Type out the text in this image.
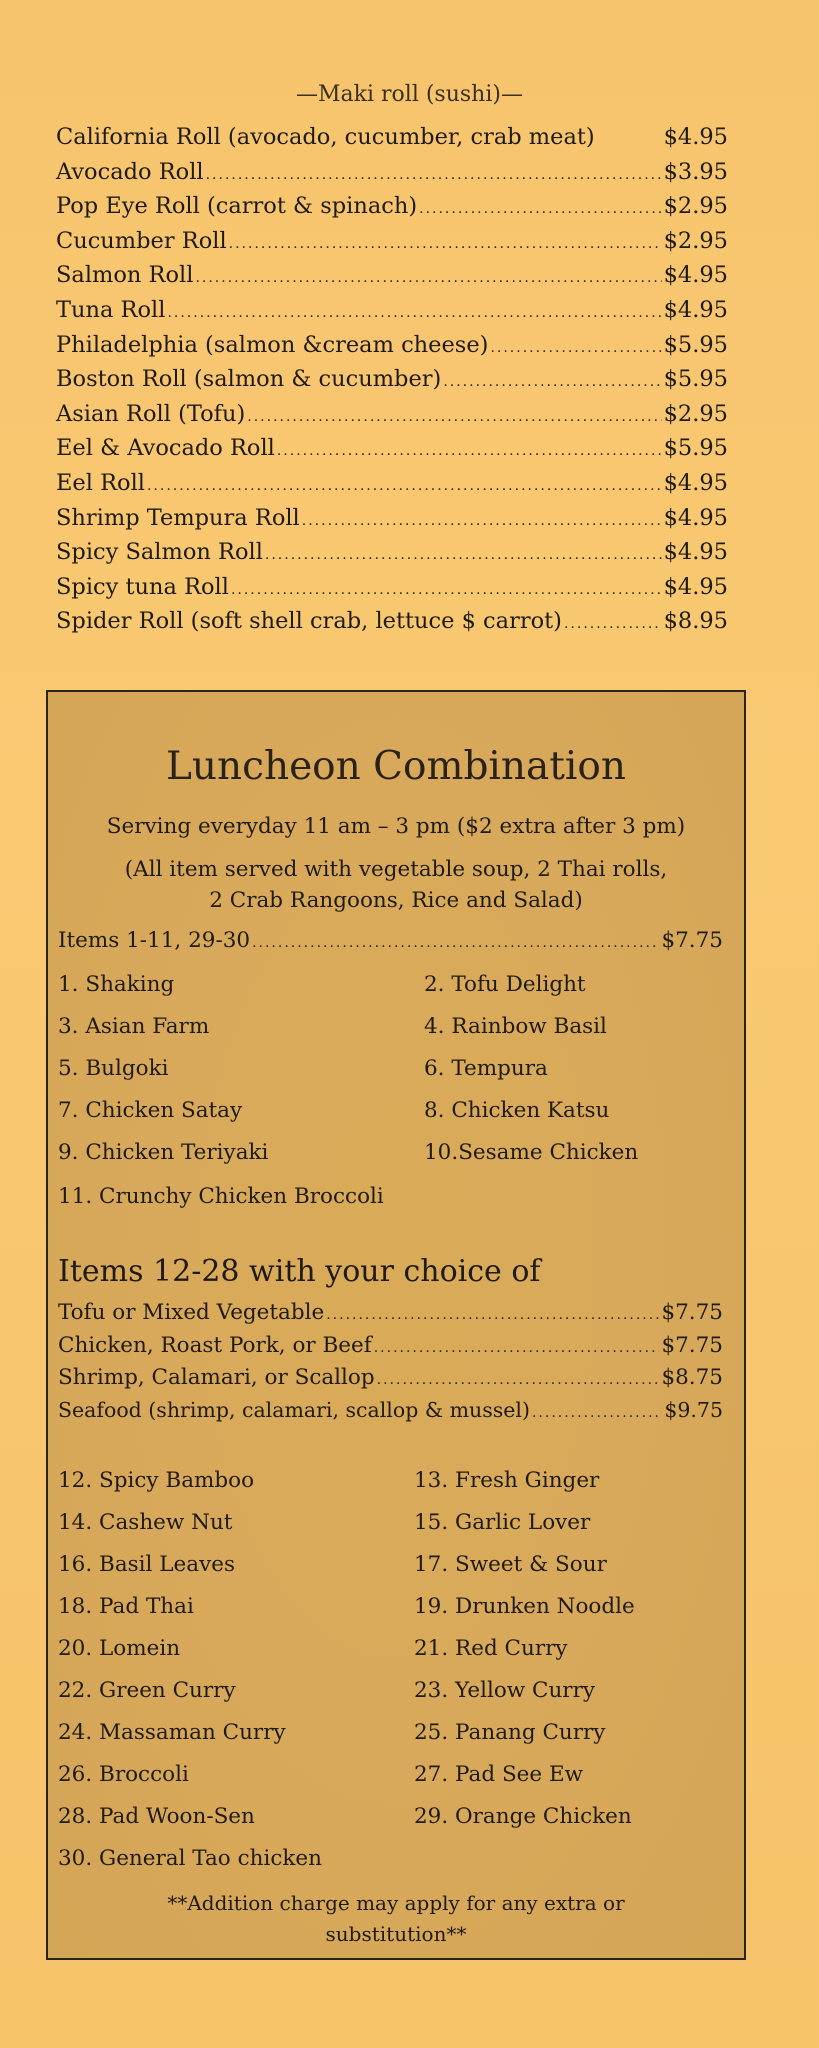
—Maki roll (sushi)—
California Roll (avocado, cucumber, crab meat)	$4.95
Avocado Roll .....	$3.95
Pop Eye Roll (carrot & spinach) .....	$2.95
Cucumber Roll .....	$2.95
Salmon Roll .....	$4.95
Tuna Roll .....	$4.95
Philadelphia (salmon &cream cheese) .....	$5.95
Boston Roll (salmon & cucumber) .....	$5.95
Asian Roll (Tofu) .....	$2.95
Eel & Avocado Roll .....	$5.95
Eel Roll .....	$4.95
Shrimp Tempura Roll .....	$4.95
Spicy Salmon Roll .....	$4.95
Spicy tuna Roll .....	$4.95
Spider Roll (soft shell crab, lettuce $ carrot) .....	$8.95
Luncheon Combination
Serving everyday 11 am – 3 pm ($2 extra after 3 pm)
(All item served with vegetable soup, 2 Thai rolls,
2 Crab Rangoons, Rice and Salad)
Items 1-11, 29-30 .....	$7.75
1. Shaking	2. Tofu Delight
3. Asian Farm	4. Rainbow Basil
5. Bulgoki	6. Tempura
7. Chicken Satay	8. Chicken Katsu
9. Chicken Teriyaki	10.Sesame Chicken
11. Crunchy Chicken Broccoli
Items 12-28 with your choice of
Tofu or Mixed Vegetable .....	$7.75
Chicken, Roast Pork, or Beef .....	$7.75
Shrimp, Calamari, or Scallop .....	$8.75
Seafood (shrimp, calamari, scallop & mussel) .....	$9.75
12. Spicy Bamboo	13. Fresh Ginger
14. Cashew Nut	15. Garlic Lover
16. Basil Leaves	17. Sweet & Sour
18. Pad Thai	19. Drunken Noodle
20. Lomein	21. Red Curry
22. Green Curry	23. Yellow Curry
24. Massaman Curry	25. Panang Curry
26. Broccoli	27. Pad See Ew
28. Pad Woon-Sen	29. Orange Chicken
30. General Tao chicken
**Addition charge may apply for any extra or
substitution**
